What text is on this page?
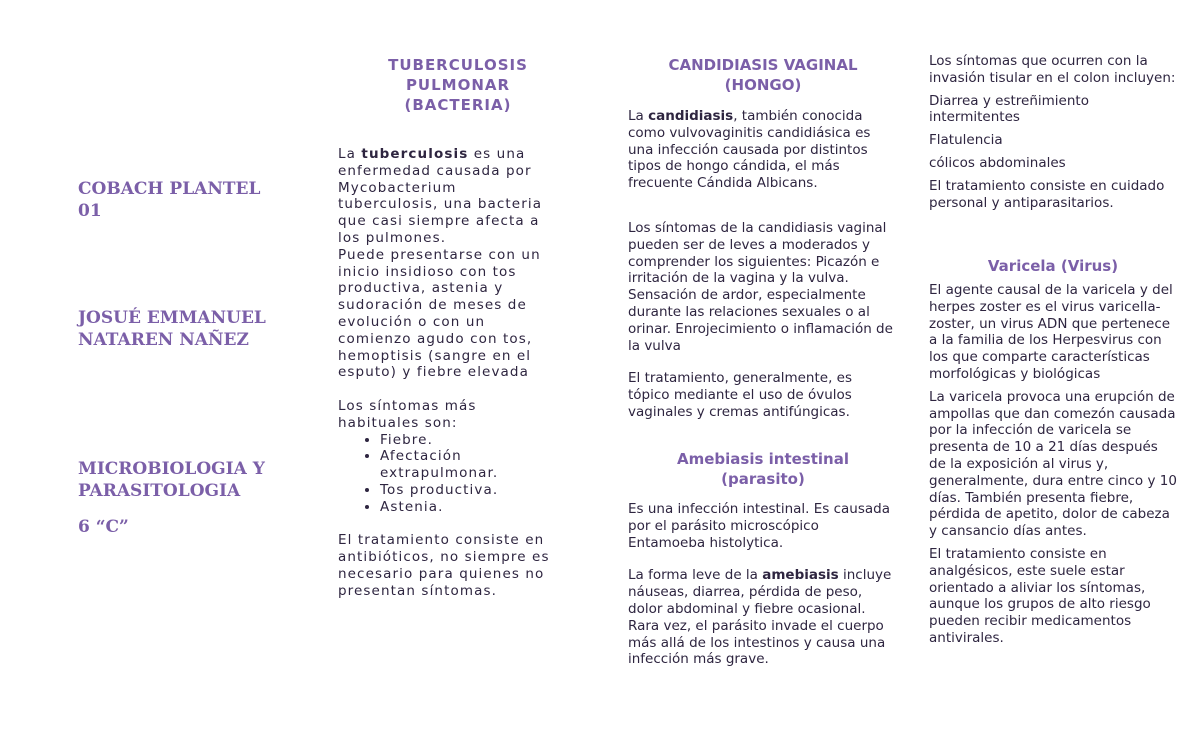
COBACH PLANTEL 01
JOSUÉ EMMANUEL NATAREN NAÑEZ
MICROBIOLOGIA Y PARASITOLOGIA
6 “C”

TUBERCULOSIS PULMONAR (BACTERIA)

La tuberculosis es una enfermedad causada por Mycobacterium tuberculosis, una bacteria que casi siempre afecta a los pulmones.

Puede presentarse con un inicio insidioso con tos productiva, astenia y sudoración de meses de evolución o con un comienzo agudo con tos, hemoptisis (sangre en el esputo) y fiebre elevada

Los síntomas más habituales son:

• Fiebre.
• Afectación extrapulmonar.
• Tos productiva.
• Astenia.

El tratamiento consiste en antibióticos, no siempre es necesario para quienes no presentan síntomas.

CANDIDIASIS VAGINAL (HONGO)

La candidiasis, también conocida como vulvovaginitis candidiásica es una infección causada por distintos tipos de hongo cándida, el más frecuente Cándida Albicans.

Los síntomas de la candidiasis vaginal pueden ser de leves a moderados y comprender los siguientes: Picazón e irritación de la vagina y la vulva. Sensación de ardor, especialmente durante las relaciones sexuales o al orinar. Enrojecimiento o inflamación de la vulva

El tratamiento, generalmente, es tópico mediante el uso de óvulos vaginales y cremas antifúngicas.

Amebiasis intestinal (parasito)

Es una infección intestinal. Es causada por el parásito microscópico Entamoeba histolytica.

La forma leve de la amebiasis incluye náuseas, diarrea, pérdida de peso, dolor abdominal y fiebre ocasional. Rara vez, el parásito invade el cuerpo más allá de los intestinos y causa una infección más grave.

Los síntomas que ocurren con la invasión tisular en el colon incluyen:

Diarrea y estreñimiento intermitentes

Flatulencia

cólicos abdominales

El tratamiento consiste en cuidado personal y antiparasitarios.

Varicela (Virus)

El agente causal de la varicela y del herpes zoster es el virus varicella-zoster, un virus ADN que pertenece a la familia de los Herpesvirus con los que comparte características morfológicas y biológicas

La varicela provoca una erupción de ampollas que dan comezón causada por la infección de varicela se presenta de 10 a 21 días después de la exposición al virus y, generalmente, dura entre cinco y 10 días. También presenta fiebre, pérdida de apetito, dolor de cabeza y cansancio días antes.

El tratamiento consiste en analgésicos, este suele estar orientado a aliviar los síntomas, aunque los grupos de alto riesgo pueden recibir medicamentos antivirales.
